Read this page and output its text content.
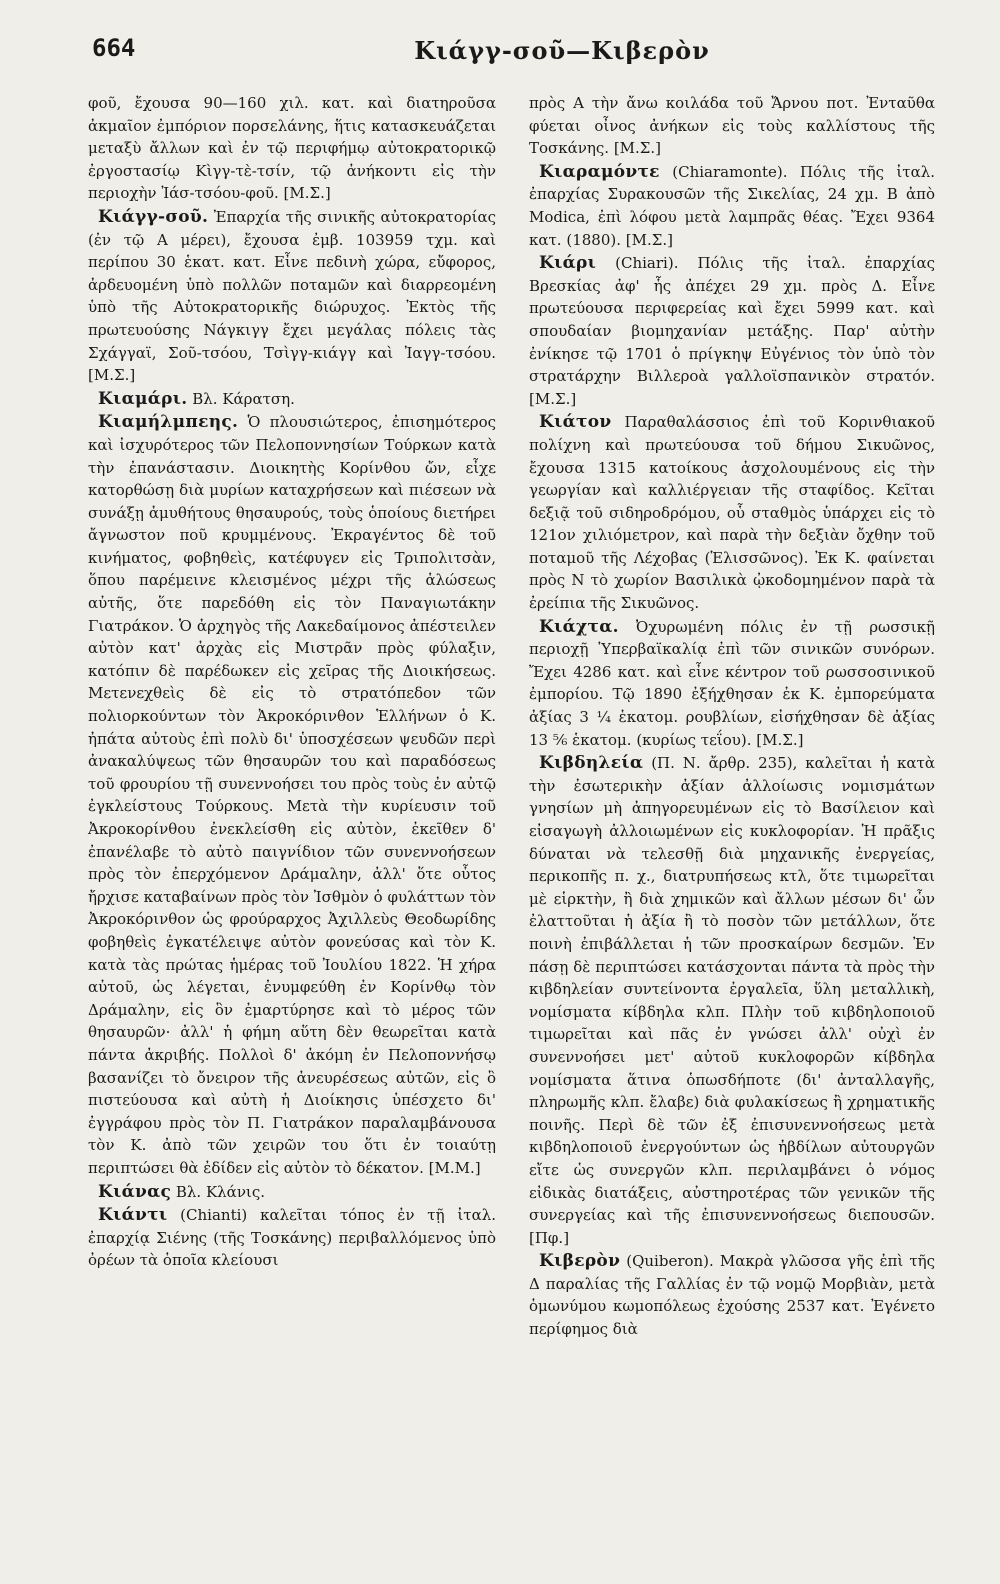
664	Κιάγγ-σοῦ—Κιβερὸν

φοῦ, ἔχουσα 90—160 χιλ. κατ. καὶ διατηροῦσα ἀκμαῖον ἐμπόριον πορσελάνης, ἥτις κατασκευάζεται μεταξὺ ἄλλων καὶ ἐν τῷ περιφήμῳ αὐτοκρατορικῷ ἐργοστασίῳ Κὶγγ-τὲ-τσίν, τῷ ἀνήκοντι εἰς τὴν περιοχὴν Ἰάσ-τσόου-φοῦ. [Μ.Σ.]

Κιάγγ-σοῦ. Ἐπαρχία τῆς σινικῆς αὐτοκρατορίας (ἐν τῷ Α μέρει), ἔχουσα ἐμβ. 103959 τχμ. καὶ περίπου 30 ἑκατ. κατ. Εἶνε πεδινὴ χώρα, εὔφορος, ἀρδευομένη ὑπὸ πολλῶν ποταμῶν καὶ διαρρεομένη ὑπὸ τῆς Αὐτοκρατορικῆς διώρυχος. Ἐκτὸς τῆς πρωτευούσης Νάγκιγγ ἔχει μεγάλας πόλεις τὰς Σχάγγαϊ, Σοῦ-τσόου, Τσὶγγ-κιάγγ καὶ Ἰαγγ-τσόου. [Μ.Σ.]

Κιαμάρι. Βλ. Κάρατση.

Κιαμήλμπεης. Ὁ πλουσιώτερος, ἐπισημότερος καὶ ἰσχυρότερος τῶν Πελοποννησίων Τούρκων κατὰ τὴν ἐπανάστασιν. Διοικητὴς Κορίνθου ὤν, εἶχε κατορθώσῃ διὰ μυρίων καταχρήσεων καὶ πιέσεων νὰ συνάξῃ ἀμυθήτους θησαυρούς, τοὺς ὁποίους διετήρει ἄγνωστον ποῦ κρυμμένους. Ἐκραγέντος δὲ τοῦ κινήματος, φοβηθεὶς, κατέφυγεν εἰς Τριπολιτσὰν, ὅπου παρέμεινε κλεισμένος μέχρι τῆς ἁλώσεως αὐτῆς, ὅτε παρεδόθη εἰς τὸν Παναγιωτάκην Γιατράκον. Ὁ ἀρχηγὸς τῆς Λακεδαίμονος ἀπέστειλεν αὐτὸν κατ' ἀρχὰς εἰς Μιστρᾶν πρὸς φύλαξιν, κατόπιν δὲ παρέδωκεν εἰς χεῖρας τῆς Διοικήσεως. Μετενεχθεὶς δὲ εἰς τὸ στρατόπεδον τῶν πολιορκούντων τὸν Ἀκροκόρινθον Ἑλλήνων ὁ Κ. ἠπάτα αὐτοὺς ἐπὶ πολὺ δι' ὑποσχέσεων ψευδῶν περὶ ἀνακαλύψεως τῶν θησαυρῶν του καὶ παραδόσεως τοῦ φρουρίου τῇ συνεννοήσει του πρὸς τοὺς ἐν αὐτῷ ἐγκλείστους Τούρκους. Μετὰ τὴν κυρίευσιν τοῦ Ἀκροκορίνθου ἐνεκλείσθη εἰς αὐτὸν, ἐκεῖθεν δ' ἐπανέλαβε τὸ αὐτὸ παιγνίδιον τῶν συνεννοήσεων πρὸς τὸν ἐπερχόμενον Δράμαλην, ἀλλ' ὅτε οὗτος ἤρχισε καταβαίνων πρὸς τὸν Ἰσθμὸν ὁ φυλάττων τὸν Ἀκροκόρινθον ὡς φρούραρχος Ἀχιλλεὺς Θεοδωρίδης φοβηθεὶς ἐγκατέλειψε αὐτὸν φονεύσας καὶ τὸν Κ. κατὰ τὰς πρώτας ἡμέρας τοῦ Ἰουλίου 1822. Ἡ χήρα αὐτοῦ, ὡς λέγεται, ἐνυμφεύθη ἐν Κορίνθῳ τὸν Δράμαλην, εἰς ὃν ἐμαρτύρησε καὶ τὸ μέρος τῶν θησαυρῶν· ἀλλ' ἡ φήμη αὕτη δὲν θεωρεῖται κατὰ πάντα ἀκριβής. Πολλοὶ δ' ἀκόμη ἐν Πελοποννήσῳ βασανίζει τὸ ὄνειρον τῆς ἀνευρέσεως αὐτῶν, εἰς ὃ πιστεύουσα καὶ αὐτὴ ἡ Διοίκησις ὑπέσχετο δι' ἐγγράφου πρὸς τὸν Π. Γιατράκον παραλαμβάνουσα τὸν Κ. ἀπὸ τῶν χειρῶν του ὅτι ἐν τοιαύτῃ περιπτώσει θὰ ἐδίδεν εἰς αὐτὸν τὸ δέκατον. [Μ.Μ.]

Κιάνας Βλ. Κλάνις.

Κιάντι (Chianti) καλεῖται τόπος ἐν τῇ ἰταλ. ἐπαρχίᾳ Σιένης (τῆς Τοσκάνης) περιβαλλόμενος ὑπὸ ὀρέων τὰ ὁποῖα κλείουσι

πρὸς Α τὴν ἄνω κοιλάδα τοῦ Ἄρνου ποτ. Ἐνταῦθα φύεται οἶνος ἀνήκων εἰς τοὺς καλλίστους τῆς Τοσκάνης. [Μ.Σ.]

Κιαραμόντε (Chiaramonte). Πόλις τῆς ἰταλ. ἐπαρχίας Συρακουσῶν τῆς Σικελίας, 24 χμ. Β ἀπὸ Modica, ἐπὶ λόφου μετὰ λαμπρᾶς θέας. Ἔχει 9364 κατ. (1880). [Μ.Σ.]

Κιάρι (Chiari). Πόλις τῆς ἰταλ. ἐπαρχίας Βρεσκίας ἀφ' ἧς ἀπέχει 29 χμ. πρὸς Δ. Εἶνε πρωτεύουσα περιφερείας καὶ ἔχει 5999 κατ. καὶ σπουδαίαν βιομηχανίαν μετάξης. Παρ' αὐτὴν ἐνίκησε τῷ 1701 ὁ πρίγκηψ Εὐγένιος τὸν ὑπὸ τὸν στρατάρχην Βιλλεροὰ γαλλοϊσπανικὸν στρατόν. [Μ.Σ.]

Κιάτον Παραθαλάσσιος ἐπὶ τοῦ Κορινθιακοῦ πολίχνη καὶ πρωτεύουσα τοῦ δήμου Σικυῶνος, ἔχουσα 1315 κατοίκους ἀσχολουμένους εἰς τὴν γεωργίαν καὶ καλλιέργειαν τῆς σταφίδος. Κεῖται δεξιᾷ τοῦ σιδηροδρόμου, οὗ σταθμὸς ὑπάρχει εἰς τὸ 121ον χιλιόμετρον, καὶ παρὰ τὴν δεξιὰν ὄχθην τοῦ ποταμοῦ τῆς Λέχοβας (Ἑλισσῶνος). Ἐκ Κ. φαίνεται πρὸς Ν τὸ χωρίον Βασιλικὰ ᾠκοδομημένον παρὰ τὰ ἐρείπια τῆς Σικυῶνος.

Κιάχτα. Ὀχυρωμένη πόλις ἐν τῇ ρωσσικῇ περιοχῇ Ὑπερβαϊκαλίᾳ ἐπὶ τῶν σινικῶν συνόρων. Ἔχει 4286 κατ. καὶ εἶνε κέντρον τοῦ ρωσσοσινικοῦ ἐμπορίου. Τῷ 1890 ἐξήχθησαν ἐκ Κ. ἐμπορεύματα ἀξίας 3 ¼ ἑκατομ. ρουβλίων, εἰσήχθησαν δὲ ἀξίας 13 ⅚ ἑκατομ. (κυρίως τεΐου). [Μ.Σ.]

Κιβδηλεία (Π. Ν. ἄρθρ. 235), καλεῖται ἡ κατὰ τὴν ἐσωτερικὴν ἀξίαν ἀλλοίωσις νομισμάτων γνησίων μὴ ἀπηγορευμένων εἰς τὸ Βασίλειον καὶ εἰσαγωγὴ ἀλλοιωμένων εἰς κυκλοφορίαν. Ἡ πρᾶξις δύναται νὰ τελεσθῇ διὰ μηχανικῆς ἐνεργείας, περικοπῆς π. χ., διατρυπήσεως κτλ, ὅτε τιμωρεῖται μὲ εἱρκτὴν, ἢ διὰ χημικῶν καὶ ἄλλων μέσων δι' ὧν ἐλαττοῦται ἡ ἀξία ἢ τὸ ποσὸν τῶν μετάλλων, ὅτε ποινὴ ἐπιβάλλεται ἡ τῶν προσκαίρων δεσμῶν. Ἐν πάσῃ δὲ περιπτώσει κατάσχονται πάντα τὰ πρὸς τὴν κιβδηλείαν συντείνοντα ἐργαλεῖα, ὕλη μεταλλικὴ, νομίσματα κίβδηλα κλπ. Πλὴν τοῦ κιβδηλοποιοῦ τιμωρεῖται καὶ πᾶς ἐν γνώσει ἀλλ' οὐχὶ ἐν συνεννοήσει μετ' αὐτοῦ κυκλοφορῶν κίβδηλα νομίσματα ἅτινα ὁπωσδήποτε (δι' ἀνταλλαγῆς, πληρωμῆς κλπ. ἔλαβε) διὰ φυλακίσεως ἢ χρηματικῆς ποινῆς. Περὶ δὲ τῶν ἐξ ἐπισυνεννοήσεως μετὰ κιβδηλοποιοῦ ἐνεργούντων ὡς ἡβδίλων αὐτουργῶν εἴτε ὡς συνεργῶν κλπ. περιλαμβάνει ὁ νόμος εἰδικὰς διατάξεις, αὐστηροτέρας τῶν γενικῶν τῆς συνεργείας καὶ τῆς ἐπισυνεννοήσεως διεπουσῶν. [Πφ.]

Κιβερὸν (Quiberon). Μακρὰ γλῶσσα γῆς ἐπὶ τῆς Δ παραλίας τῆς Γαλλίας ἐν τῷ νομῷ Μορβιὰν, μετὰ ὁμωνύμου κωμοπόλεως ἐχούσης 2537 κατ. Ἐγένετο περίφημος διὰ
